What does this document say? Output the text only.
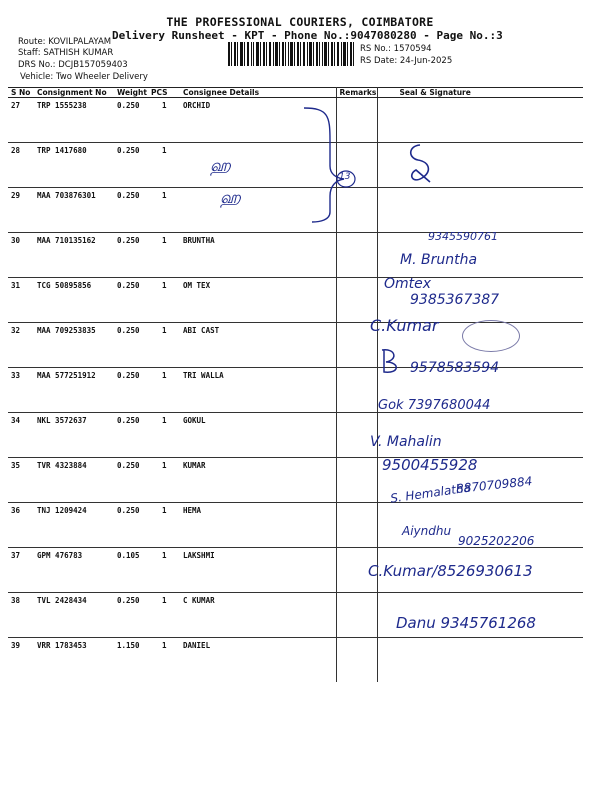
THE PROFESSIONAL COURIERS, COIMBATORE
Delivery Runsheet - KPT - Phone No.:9047080280 - Page No.:3
Route: KOVILPALAYAM
Staff: SATHISH KUMAR
DRS No.: DCJB157059403
Vehicle: Two Wheeler Delivery
RS No.: 1570594
RS Date: 24-Jun-2025
S No	Consignment No	Weight	PCS	Consignee Details	Remarks	Seal & Signature
27	TRP 1555238	0.250	1	ORCHID		
28	TRP 1417680	0.250	1			
29	MAA 703876301	0.250	1			
30	MAA 710135162	0.250	1	BRUNTHA		
31	TCG 50895856	0.250	1	OM TEX		
32	MAA 709253835	0.250	1	ABI CAST		
33	MAA 577251912	0.250	1	TRI WALLA		
34	NKL 3572637	0.250	1	GOKUL		
35	TVR 4323884	0.250	1	KUMAR		
36	TNJ 1209424	0.250	1	HEMA		
37	GPM 476783	0.105	1	LAKSHMI		
38	TVL 2428434	0.250	1	C KUMAR		
39	VRR 1783453	1.150	1	DANIEL		
13
ஹ
ஹ
9345590761
M. Bruntha
Omtex
9385367387
C.Kumar
9578583594
Gok 7397680044
V. Mahalin
9500455928
S. Hemalatha
8870709884
Aiyndhu
9025202206
C.Kumar/8526930613
Danu 9345761268
